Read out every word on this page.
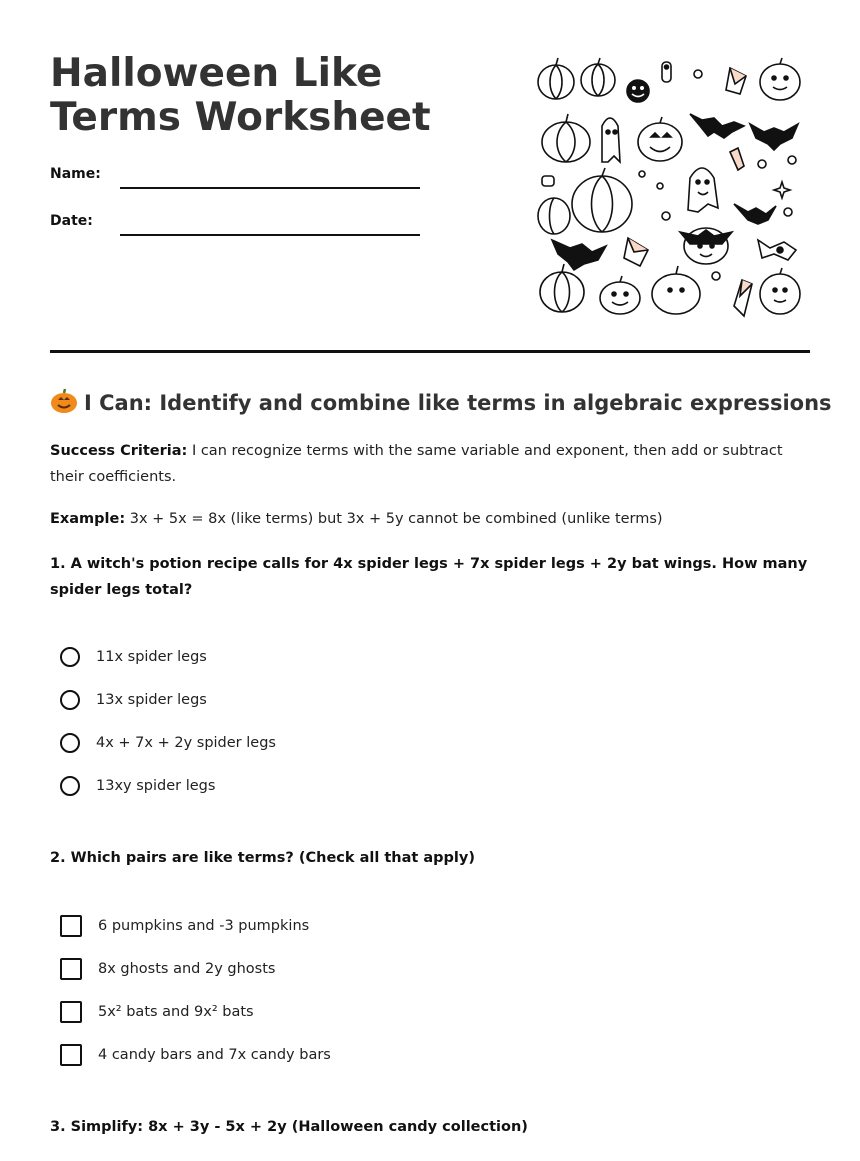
Halloween Like Terms Worksheet
Name:
Date:
I Can: Identify and combine like terms in algebraic expressions
Success Criteria: I can recognize terms with the same variable and exponent, then add or subtract their coefficients.
Example: 3x + 5x = 8x (like terms) but 3x + 5y cannot be combined (unlike terms)
1. A witch's potion recipe calls for 4x spider legs + 7x spider legs + 2y bat wings. How many spider legs total?
11x spider legs
13x spider legs
4x + 7x + 2y spider legs
13xy spider legs
2. Which pairs are like terms? (Check all that apply)
6 pumpkins and -3 pumpkins
8x ghosts and 2y ghosts
5x² bats and 9x² bats
4 candy bars and 7x candy bars
3. Simplify: 8x + 3y - 5x + 2y (Halloween candy collection)
